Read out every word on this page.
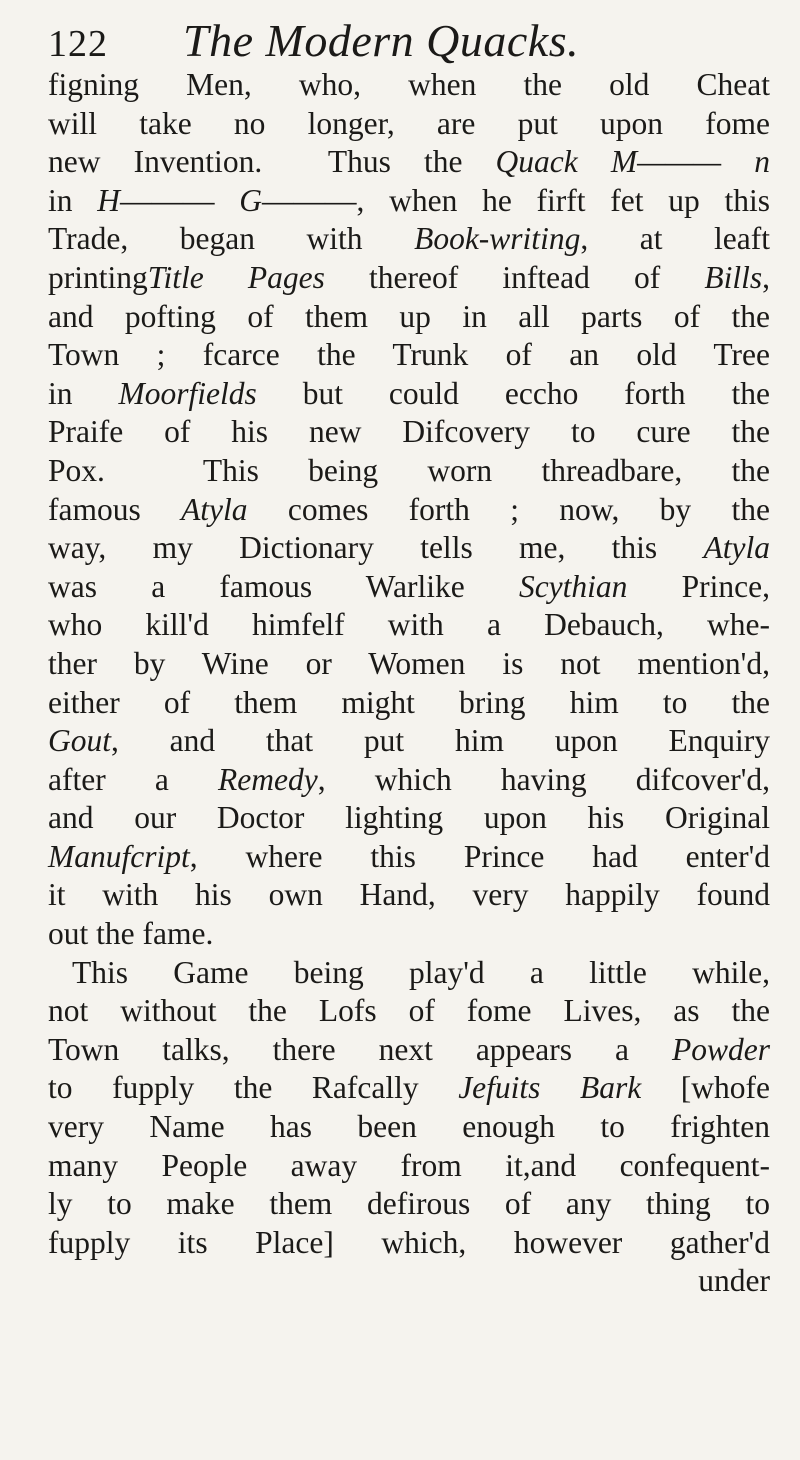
122 The Modern Quacks.
figning Men, who, when the old Cheat
will take no longer, are put upon fome
new Invention.  Thus the Quack M——— n
in H——— G———, when he firft fet up this
Trade, began with Book-writing, at leaft
printingTitle Pages thereof inftead of Bills,
and pofting of them up in all parts of the
Town ; fcarce the Trunk of an old Tree
in Moorfields but could eccho forth the
Praife of his new Difcovery to cure the
Pox.  This being worn threadbare, the
famous Atyla comes forth ; now, by the
way, my Dictionary tells me, this Atyla
was a famous Warlike Scythian Prince,
who kill'd himfelf with a Debauch, whe-
ther by Wine or Women is not mention'd,
either of them might bring him to the
Gout, and that put him upon Enquiry
after a Remedy, which having difcover'd,
and our Doctor lighting upon his Original
Manufcript, where this Prince had enter'd
it with his own Hand, very happily found
out the fame.
This Game being play'd a little while,
not without the Lofs of fome Lives, as the
Town talks, there next appears a Powder
to fupply the Rafcally Jefuits Bark [whofe
very Name has been enough to frighten
many People away from it,and confequent-
ly to make them defirous of any thing to
fupply its Place] which, however gather'd
under
